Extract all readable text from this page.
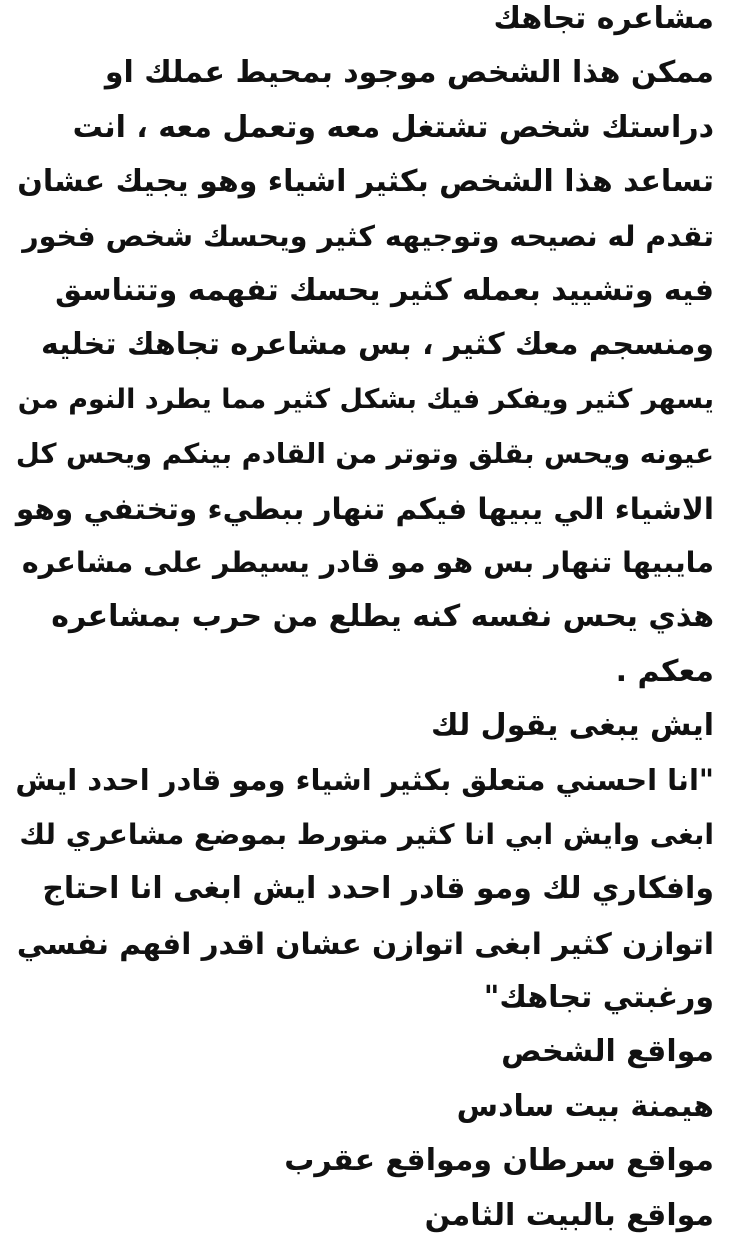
مشاعره تجاهك
ممكن هذا الشخص موجود بمحيط عملك او
دراستك شخص تشتغل معه وتعمل معه ، انت
تساعد هذا الشخص بكثير اشياء وهو يجيك عشان
تقدم له نصيحه وتوجيهه كثير ويحسك شخص فخور
فيه وتشييد بعمله كثير يحسك تفهمه وتتناسق
ومنسجم معك كثير ، بس مشاعره تجاهك تخليه
يسهر كثير ويفكر فيك بشكل كثير مما يطرد النوم من
عيونه ويحس بقلق وتوتر من القادم بينكم ويحس كل
الاشياء الي يبيها فيكم تنهار ببطيء وتختفي وهو
مايبيها تنهار بس هو مو قادر يسيطر على مشاعره
هذي يحس نفسه كنه يطلع من حرب بمشاعره
معكم .
ايش يبغى يقول لك
"انا احسني متعلق بكثير اشياء ومو قادر احدد ايش
ابغى وايش ابي انا كثير متورط بموضع مشاعري لك
وافكاري لك ومو قادر احدد ايش ابغى انا احتاج
اتوازن كثير ابغى اتوازن عشان اقدر افهم نفسي
ورغبتي تجاهك"
مواقع الشخص
هيمنة بيت سادس
مواقع سرطان ومواقع عقرب
مواقع بالبيت الثامن
